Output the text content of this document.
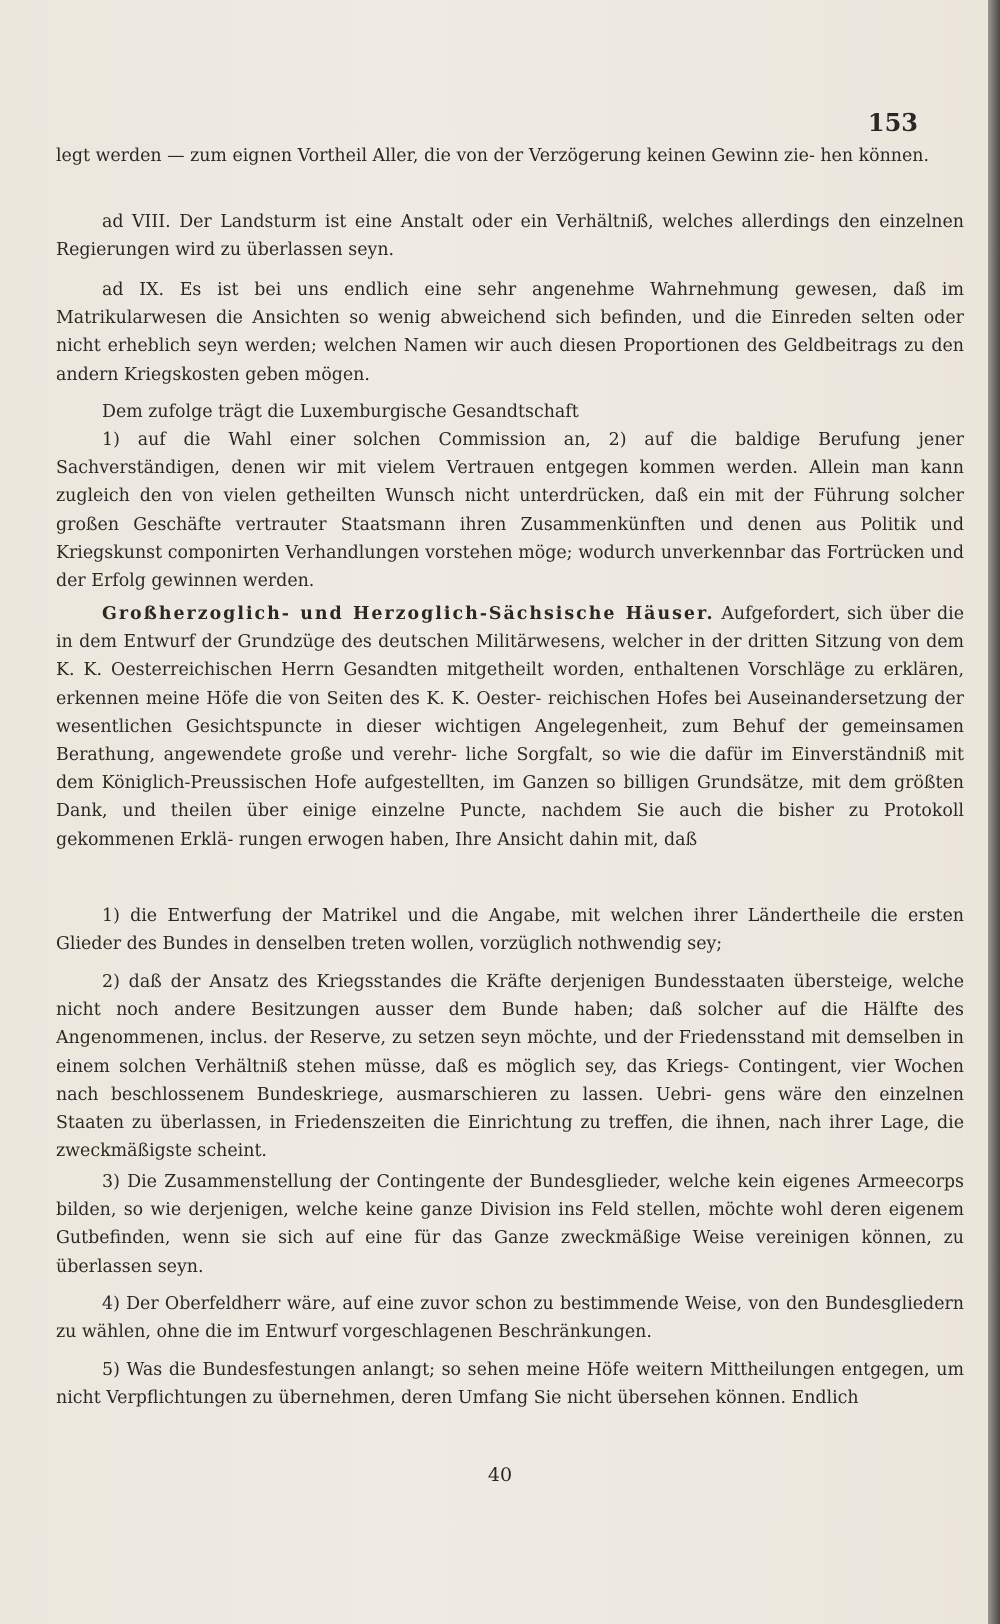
153

legt werden — zum eignen Vortheil Aller, die von der Verzögerung keinen Gewinn zie- hen können.

ad VIII. Der Landsturm ist eine Anstalt oder ein Verhältniß, welches allerdings den einzelnen Regierungen wird zu überlassen seyn.

ad IX. Es ist bei uns endlich eine sehr angenehme Wahrnehmung gewesen, daß im Matrikularwesen die Ansichten so wenig abweichend sich befinden, und die Einreden selten oder nicht erheblich seyn werden; welchen Namen wir auch diesen Proportionen des Geldbeitrags zu den andern Kriegskosten geben mögen.

Dem zufolge trägt die Luxemburgische Gesandtschaft

1) auf die Wahl einer solchen Commission an, 2) auf die baldige Berufung jener Sachverständigen, denen wir mit vielem Vertrauen entgegen kommen werden. Allein man kann zugleich den von vielen getheilten Wunsch nicht unterdrücken, daß ein mit der Führung solcher großen Geschäfte vertrauter Staatsmann ihren Zusammenkünften und denen aus Politik und Kriegskunst componirten Verhandlungen vorstehen möge; wodurch unverkennbar das Fortrücken und der Erfolg gewinnen werden.

Großherzoglich- und Herzoglich-Sächsische Häuser. Aufgefordert, sich über die in dem Entwurf der Grundzüge des deutschen Militärwesens, welcher in der dritten Sitzung von dem K. K. Oesterreichischen Herrn Gesandten mitgetheilt worden, enthaltenen Vorschläge zu erklären, erkennen meine Höfe die von Seiten des K. K. Oester- reichischen Hofes bei Auseinandersetzung der wesentlichen Gesichtspuncte in dieser wichtigen Angelegenheit, zum Behuf der gemeinsamen Berathung, angewendete große und verehr- liche Sorgfalt, so wie die dafür im Einverständniß mit dem Königlich-Preussischen Hofe aufgestellten, im Ganzen so billigen Grundsätze, mit dem größten Dank, und theilen über einige einzelne Puncte, nachdem Sie auch die bisher zu Protokoll gekommenen Erklä- rungen erwogen haben, Ihre Ansicht dahin mit, daß

1) die Entwerfung der Matrikel und die Angabe, mit welchen ihrer Ländertheile die ersten Glieder des Bundes in denselben treten wollen, vorzüglich nothwendig sey;

2) daß der Ansatz des Kriegsstandes die Kräfte derjenigen Bundesstaaten übersteige, welche nicht noch andere Besitzungen ausser dem Bunde haben; daß solcher auf die Hälfte des Angenommenen, inclus. der Reserve, zu setzen seyn möchte, und der Friedensstand mit demselben in einem solchen Verhältniß stehen müsse, daß es möglich sey, das Kriegs- Contingent, vier Wochen nach beschlossenem Bundeskriege, ausmarschieren zu lassen. Uebri- gens wäre den einzelnen Staaten zu überlassen, in Friedenszeiten die Einrichtung zu treffen, die ihnen, nach ihrer Lage, die zweckmäßigste scheint.

3) Die Zusammenstellung der Contingente der Bundesglieder, welche kein eigenes Armeecorps bilden, so wie derjenigen, welche keine ganze Division ins Feld stellen, möchte wohl deren eigenem Gutbefinden, wenn sie sich auf eine für das Ganze zweckmäßige Weise vereinigen können, zu überlassen seyn.

4) Der Oberfeldherr wäre, auf eine zuvor schon zu bestimmende Weise, von den Bundesgliedern zu wählen, ohne die im Entwurf vorgeschlagenen Beschränkungen.

5) Was die Bundesfestungen anlangt; so sehen meine Höfe weitern Mittheilungen entgegen, um nicht Verpflichtungen zu übernehmen, deren Umfang Sie nicht übersehen können. Endlich

40
